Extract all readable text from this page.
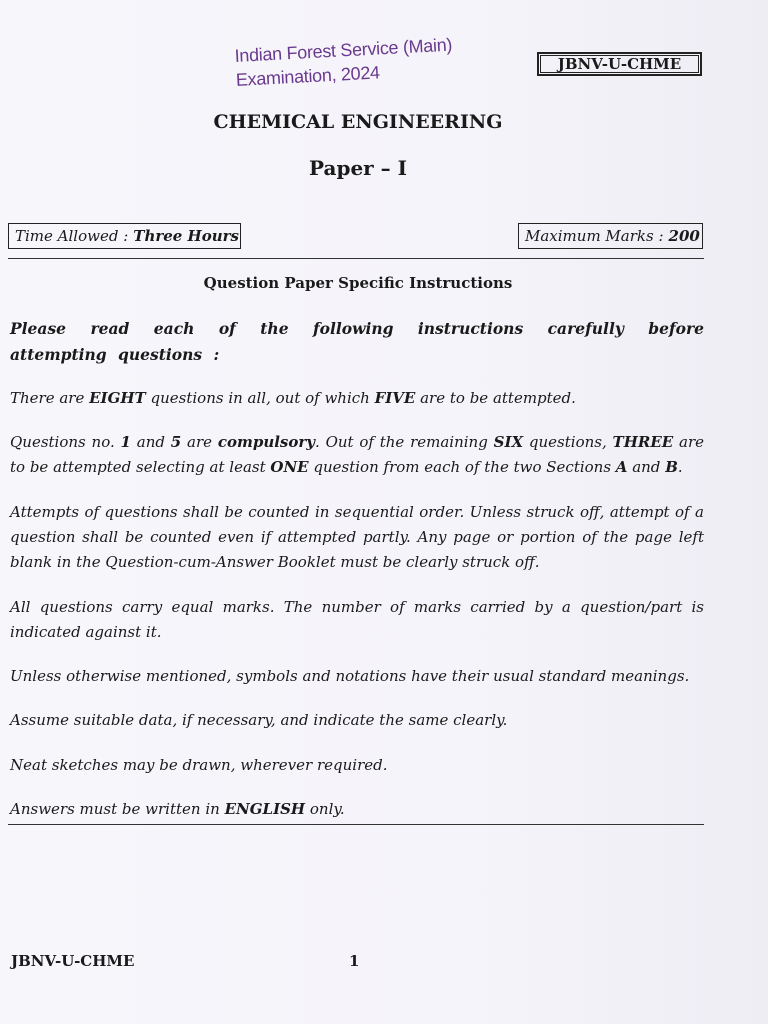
Indian Forest Service (Main)
Examination, 2024	JBNV-U-CHME
CHEMICAL ENGINEERING
Paper – I
Time Allowed : Three Hours	Maximum Marks : 200
Question Paper Specific Instructions
Please read each of the following instructions carefully before attempting questions :
There are EIGHT questions in all, out of which FIVE are to be attempted.
Questions no. 1 and 5 are compulsory. Out of the remaining SIX questions, THREE are to be attempted selecting at least ONE question from each of the two Sections A and B.
Attempts of questions shall be counted in sequential order. Unless struck off, attempt of a question shall be counted even if attempted partly. Any page or portion of the page left blank in the Question-cum-Answer Booklet must be clearly struck off.
All questions carry equal marks. The number of marks carried by a question/part is indicated against it.
Unless otherwise mentioned, symbols and notations have their usual standard meanings.
Assume suitable data, if necessary, and indicate the same clearly.
Neat sketches may be drawn, wherever required.
Answers must be written in ENGLISH only.
JBNV-U-CHME	1
